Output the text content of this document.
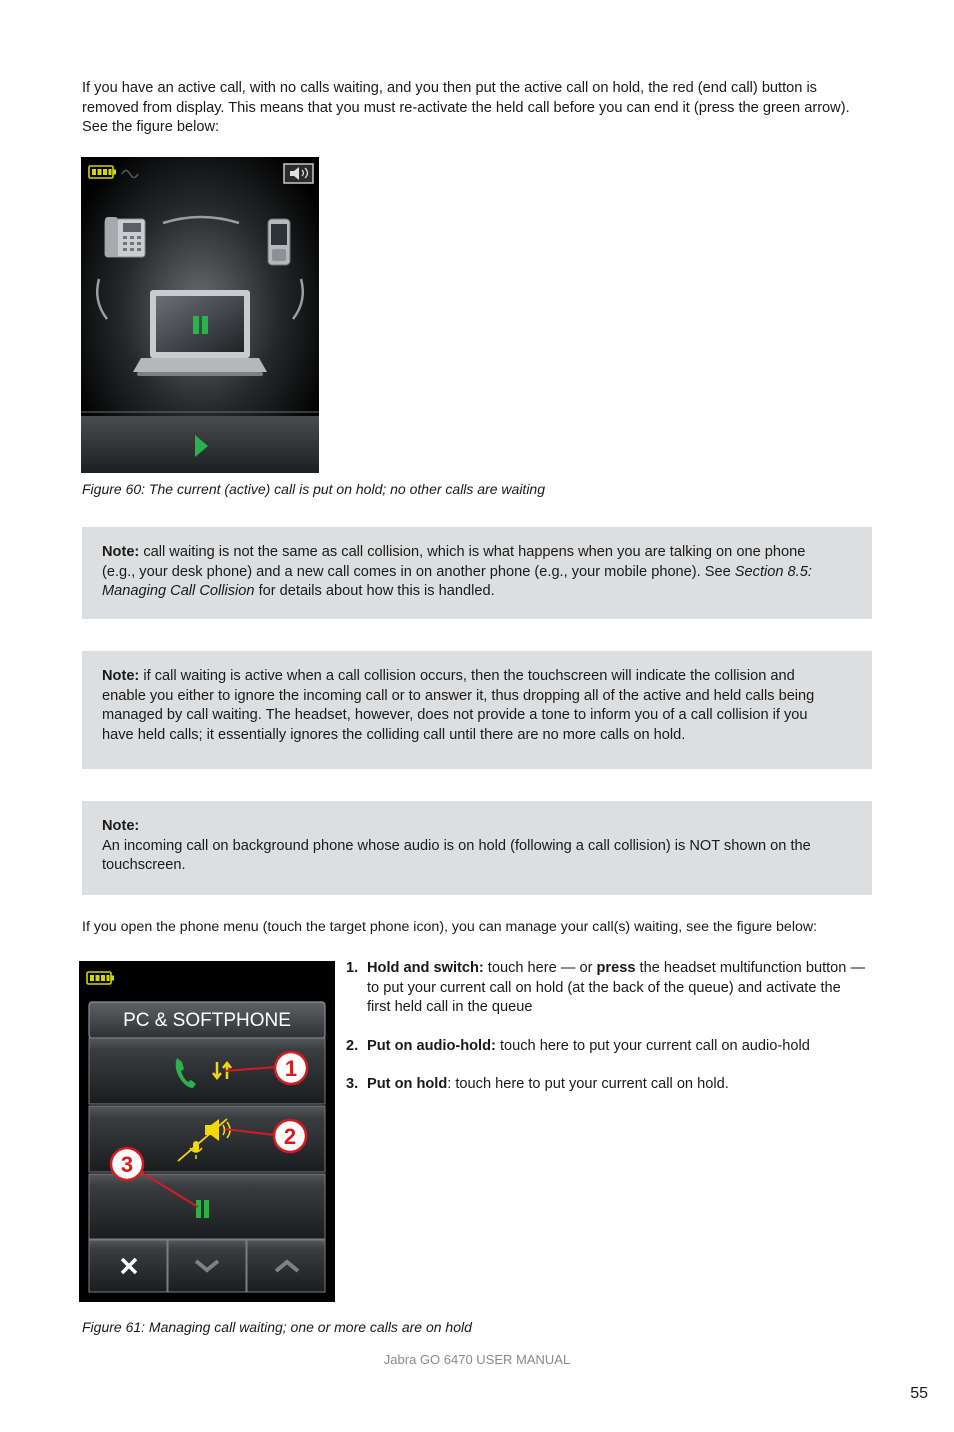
If you have an active call, with no calls waiting, and you then put the active call on hold, the red (end call) button is removed from display. This means that you must re-activate the held call before you can end it (press the green arrow). See the figure below:
Figure 60: The current (active) call is put on hold; no other calls are waiting
Note: call waiting is not the same as call collision, which is what happens when you are talking on one phone (e.g., your desk phone) and a new call comes in on another phone (e.g., your mobile phone). See Section 8.5: Managing Call Collision for details about how this is handled.
Note: if call waiting is active when a call collision occurs, then the touchscreen will indicate the collision and enable you either to ignore the incoming call or to answer it, thus dropping all of the active and held calls being managed by call waiting. The headset, however, does not provide a tone to inform you of a call collision if you have held calls; it essentially ignores the colliding call until there are no more calls on hold.
Note:
An incoming call on background phone whose audio is on hold (following a call collision) is NOT shown on the touchscreen.
If you open the phone menu (touch the target phone icon), you can manage your call(s) waiting, see the figure below:
PC & SOFTPHONE
1
2
3
1. Hold and switch: touch here — or press the headset multifunction button — to put your current call on hold (at the back of the queue) and activate the first held call in the queue
2. Put on audio-hold: touch here to put your current call on audio-hold
3. Put on hold: touch here to put your current call on hold.
Figure 61: Managing call waiting; one or more calls are on hold
Jabra GO 6470 USER MANUAL
55
